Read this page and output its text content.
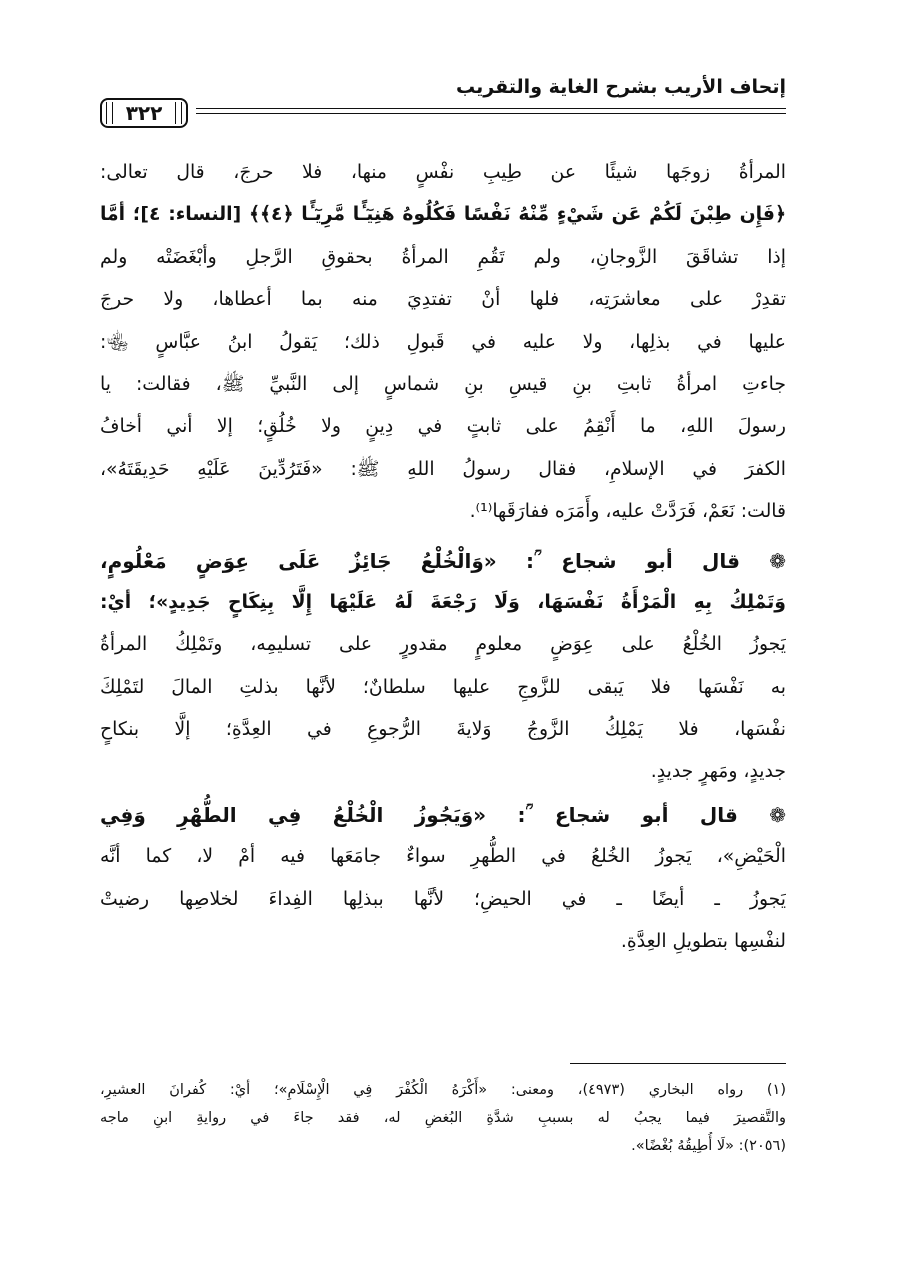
إتحاف الأريب بشرح الغاية والتقريب
٣٢٢
المرأةُ زوجَها شيئًا عن طِيبِ نفْسٍ منها، فلا حرجَ، قال تعالى:
﴿فَإِن طِبْنَ لَكُمْ عَن شَيْءٍ مِّنْهُ نَفْسًا فَكُلُوهُ هَنِيٓـًٔا مَّرِيٓـًٔا ﴿٤﴾﴾ [النساء: ٤]؛ أمَّا
إذا تشاقَقَ الزَّوجانِ، ولم تَقُمِ المرأةُ بحقوقِ الرَّجلِ وأبْغَضَتْه ولم
تقدِرْ على معاشرَتِه، فلها أنْ تفتدِيَ منه بما أعطاها، ولا حرجَ
عليها في بذلِها، ولا عليه في قَبولِ ذلك؛ يَقولُ ابنُ عبَّاسٍ ﵄:
جاءتِ امرأةُ ثابتِ بنِ قيسِ بنِ شماسٍ إلى النَّبيِّ ﷺ، فقالت: يا
رسولَ اللهِ، ما أَنْقِمُ على ثابتٍ في دِينٍ ولا خُلُقٍ؛ إلا أني أخافُ
الكفرَ في الإسلامِ، فقال رسولُ اللهِ ﷺ: «فَتَرُدِّينَ عَلَيْهِ حَدِيقَتَهُ»،
قالت: نَعَمْ، فَرَدَّتْ عليه، وأَمَرَه ففارَقَها⁽¹⁾.
❁ قال أبو شجاع ؒ: «وَالْخُلْعُ جَائِزٌ عَلَى عِوَضٍ مَعْلُومٍ،
وَتَمْلِكُ بِهِ الْمَرْأَةُ نَفْسَهَا، وَلَا رَجْعَةَ لَهُ عَلَيْهَا إِلَّا بِنِكَاحٍ جَدِيدٍ»؛ أيْ:
يَجوزُ الخُلْعُ على عِوَضٍ معلومٍ مقدورٍ على تسليمِه، وتَمْلِكُ المرأةُ
به نَفْسَها فلا يَبقى للزَّوجِ عليها سلطانٌ؛ لأنَّها بذلتِ المالَ لتَمْلِكَ
نفْسَها، فلا يَمْلِكُ الزَّوجُ وَلايةَ الرُّجوعِ في العِدَّةِ؛ إلَّا بنكاحٍ
جديدٍ، ومَهرٍ جديدٍ.
❁ قال أبو شجاع ؒ: «وَيَجُوزُ الْخُلْعُ فِي الطُّهْرِ وَفِي
الْحَيْضِ»، يَجوزُ الخُلعُ في الطُّهرِ سواءٌ جامَعَها فيه أمْ لا، كما أنَّه
يَجوزُ ـ أيضًا ـ في الحيضِ؛ لأنَّها ببذلِها الفِداءَ لخلاصِها رضيتْ
لنفْسِها بتطويلِ العِدَّةِ.
(١) رواه البخاري (٤٩٧٣)، ومعنى: «أَكْرَهُ الْكُفْرَ فِي الْإِسْلَامِ»؛ أيْ: كُفرانَ العشيرِ،
والتَّقصيرَ فيما يجبُ له بسببِ شدَّةِ البُغضِ له، فقد جاءَ في روايةِ ابنِ ماجه
(٢٠٥٦): «لَا أُطِيقُهُ بُغْضًا».
